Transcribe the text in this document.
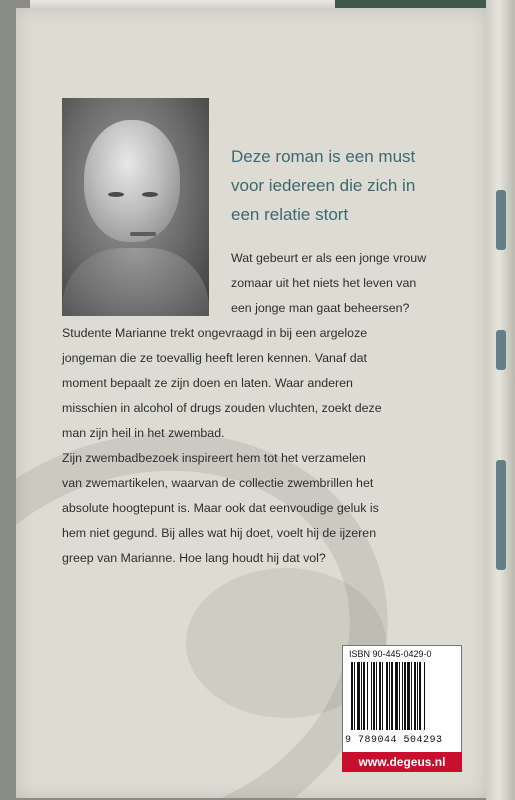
Deze roman is een must
voor iedereen die zich in
een relatie stort
Wat gebeurt er als een jonge vrouw
zomaar uit het niets het leven van
een jonge man gaat beheersen?
Studente Marianne trekt ongevraagd in bij een argeloze
jongeman die ze toevallig heeft leren kennen. Vanaf dat
moment bepaalt ze zijn doen en laten. Waar anderen
misschien in alcohol of drugs zouden vluchten, zoekt deze
man zijn heil in het zwembad.
Zijn zwembadbezoek inspireert hem tot het verzamelen
van zwemartikelen, waarvan de collectie zwembrillen het
absolute hoogtepunt is. Maar ook dat eenvoudige geluk is
hem niet gegund. Bij alles wat hij doet, voelt hij de ijzeren
greep van Marianne. Hoe lang houdt hij dat vol?
ISBN 90-445-0429-0
9 789044 504293
www.degeus.nl
